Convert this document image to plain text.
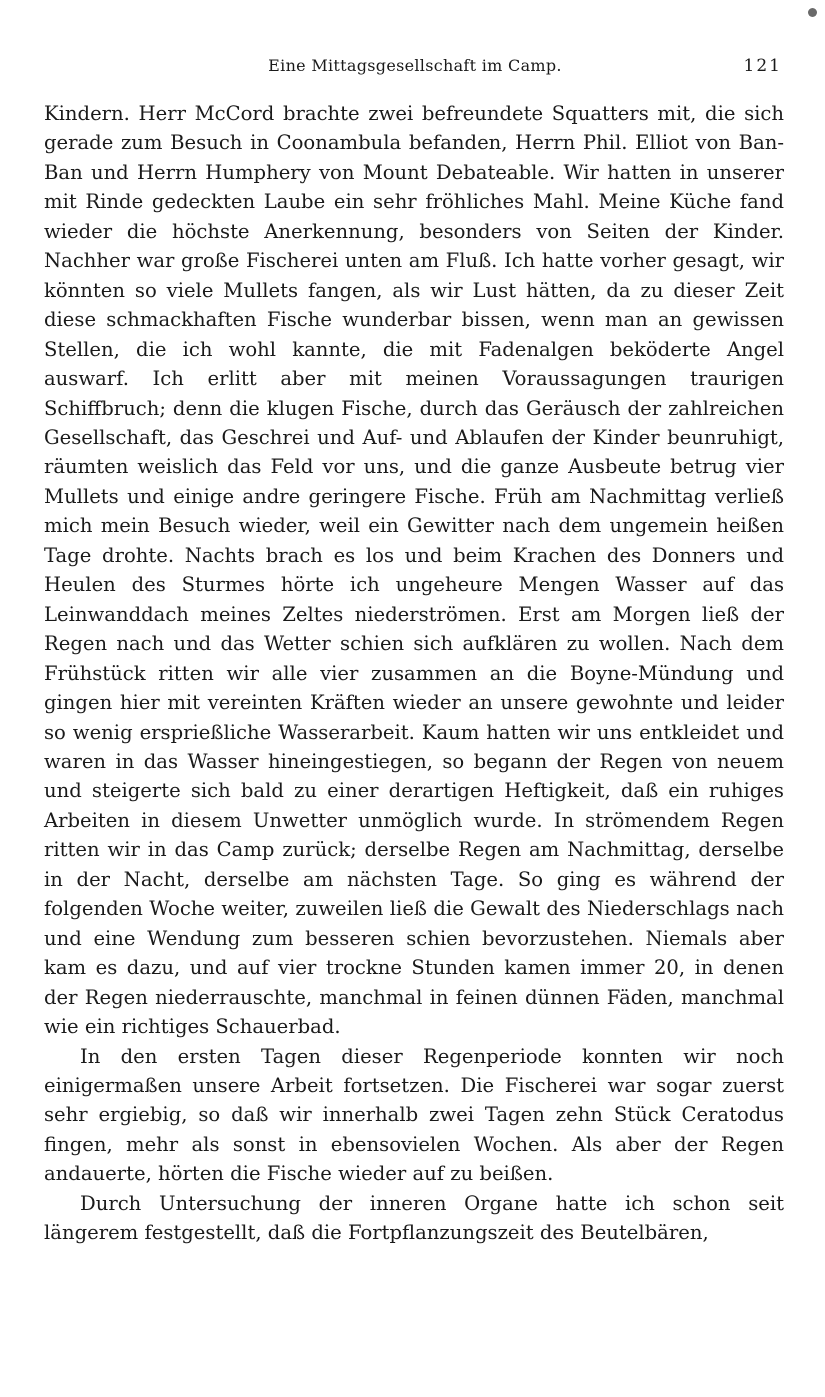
Eine Mittagsgesellschaft im Camp.	121

Kindern. Herr McCord brachte zwei befreundete Squatters mit, die sich gerade zum Besuch in Coonambula befanden, Herrn Phil. Elliot von Ban-Ban und Herrn Humphery von Mount Debateable. Wir hatten in unserer mit Rinde gedeckten Laube ein sehr fröhliches Mahl. Meine Küche fand wieder die höchste Anerkennung, besonders von Seiten der Kinder. Nachher war große Fischerei unten am Fluß. Ich hatte vorher gesagt, wir könnten so viele Mullets fangen, als wir Lust hätten, da zu dieser Zeit diese schmackhaften Fische wunderbar bissen, wenn man an gewissen Stellen, die ich wohl kannte, die mit Fadenalgen beköderte Angel auswarf. Ich erlitt aber mit meinen Voraussagungen traurigen Schiffbruch; denn die klugen Fische, durch das Geräusch der zahlreichen Gesellschaft, das Geschrei und Auf- und Ablaufen der Kinder beunruhigt, räumten weislich das Feld vor uns, und die ganze Ausbeute betrug vier Mullets und einige andre geringere Fische. Früh am Nachmittag verließ mich mein Besuch wieder, weil ein Gewitter nach dem ungemein heißen Tage drohte. Nachts brach es los und beim Krachen des Donners und Heulen des Sturmes hörte ich ungeheure Mengen Wasser auf das Leinwanddach meines Zeltes niederströmen. Erst am Morgen ließ der Regen nach und das Wetter schien sich aufklären zu wollen. Nach dem Frühstück ritten wir alle vier zusammen an die Boyne-Mündung und gingen hier mit vereinten Kräften wieder an unsere gewohnte und leider so wenig ersprießliche Wasserarbeit. Kaum hatten wir uns entkleidet und waren in das Wasser hineingestiegen, so begann der Regen von neuem und steigerte sich bald zu einer derartigen Heftigkeit, daß ein ruhiges Arbeiten in diesem Unwetter unmöglich wurde. In strömendem Regen ritten wir in das Camp zurück; derselbe Regen am Nachmittag, derselbe in der Nacht, derselbe am nächsten Tage. So ging es während der folgenden Woche weiter, zuweilen ließ die Gewalt des Niederschlags nach und eine Wendung zum besseren schien bevorzustehen. Niemals aber kam es dazu, und auf vier trockne Stunden kamen immer 20, in denen der Regen niederrauschte, manchmal in feinen dünnen Fäden, manchmal wie ein richtiges Schauerbad.

In den ersten Tagen dieser Regenperiode konnten wir noch einigermaßen unsere Arbeit fortsetzen. Die Fischerei war sogar zuerst sehr ergiebig, so daß wir innerhalb zwei Tagen zehn Stück Ceratodus fingen, mehr als sonst in ebensovielen Wochen. Als aber der Regen andauerte, hörten die Fische wieder auf zu beißen.

Durch Untersuchung der inneren Organe hatte ich schon seit längerem festgestellt, daß die Fortpflanzungszeit des Beutelbären,
